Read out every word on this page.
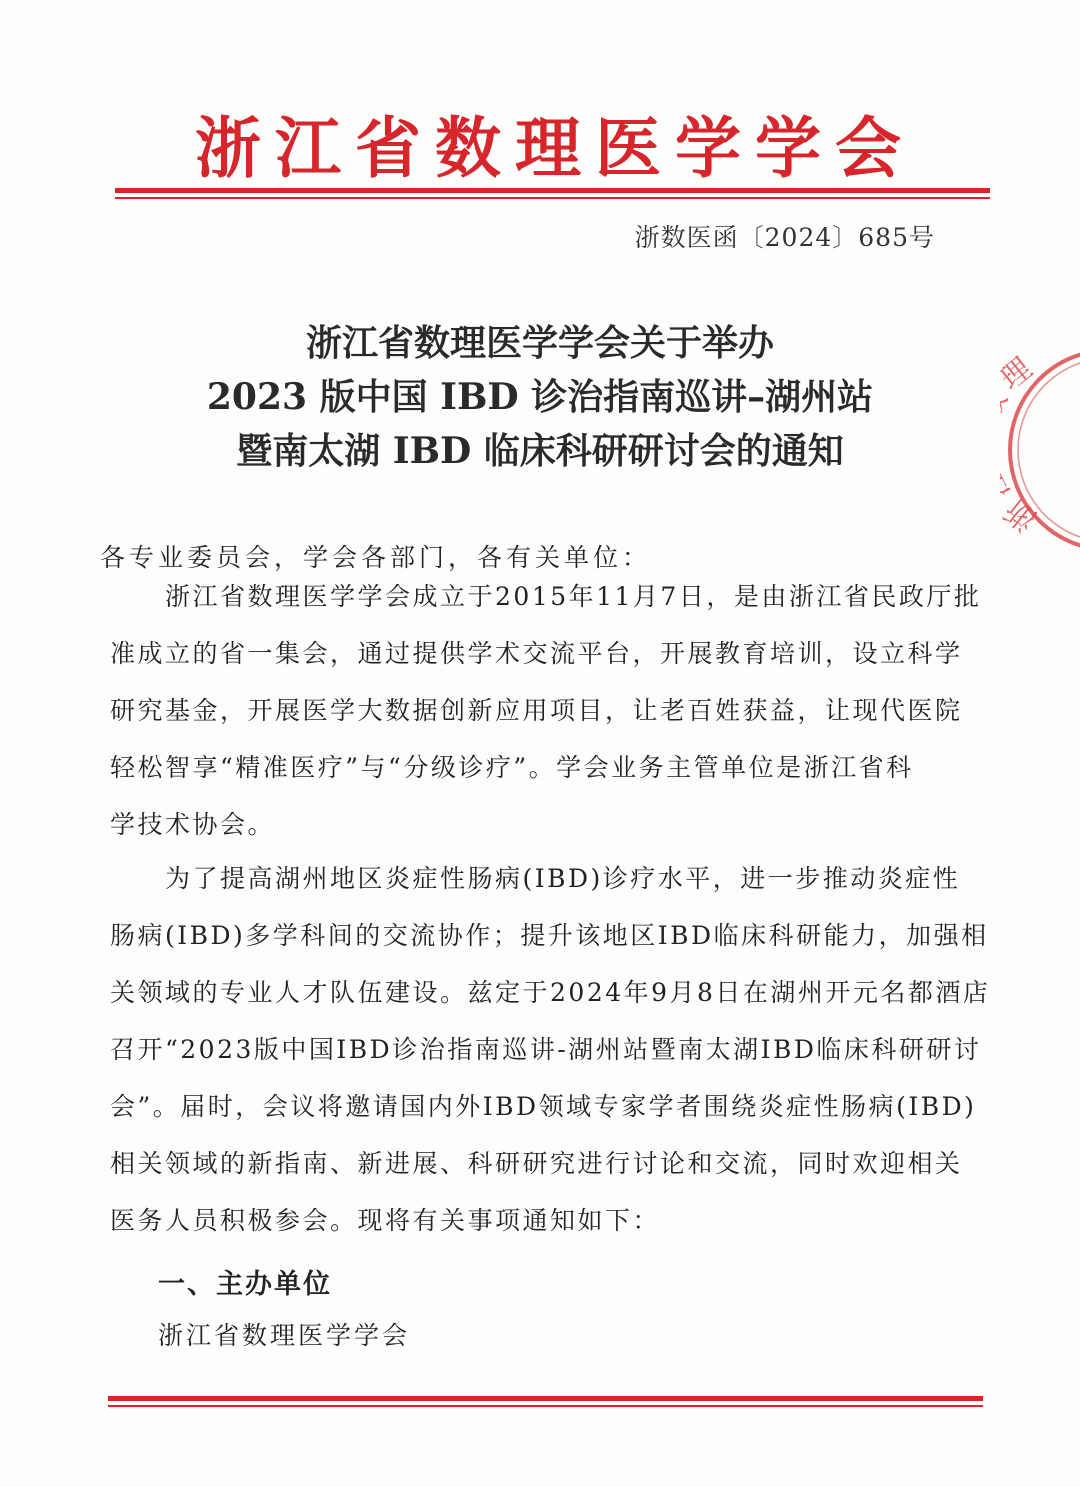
浙江省数理医学学会
浙数医函〔2024〕685号
浙江省数理医学学会关于举办
2023 版中国 IBD 诊治指南巡讲–湖州站
暨南太湖 IBD 临床科研研讨会的通知
各专业委员会，学会各部门，各有关单位：
浙江省数理医学学会成立于2015年11月7日，是由浙江省民政厅批
准成立的省一集会，通过提供学术交流平台，开展教育培训，设立科学
研究基金，开展医学大数据创新应用项目，让老百姓获益，让现代医院
轻松智享“精准医疗”与“分级诊疗”。学会业务主管单位是浙江省科
学技术协会。
为了提高湖州地区炎症性肠病(IBD)诊疗水平，进一步推动炎症性
肠病(IBD)多学科间的交流协作；提升该地区IBD临床科研能力，加强相
关领域的专业人才队伍建设。兹定于2024年9月8日在湖州开元名都酒店
召开“2023版中国IBD诊治指南巡讲-湖州站暨南太湖IBD临床科研研讨
会”。届时，会议将邀请国内外IBD领域专家学者围绕炎症性肠病(IBD)
相关领域的新指南、新进展、科研研究进行讨论和交流，同时欢迎相关
医务人员积极参会。现将有关事项通知如下：
一、主办单位
浙江省数理医学学会
